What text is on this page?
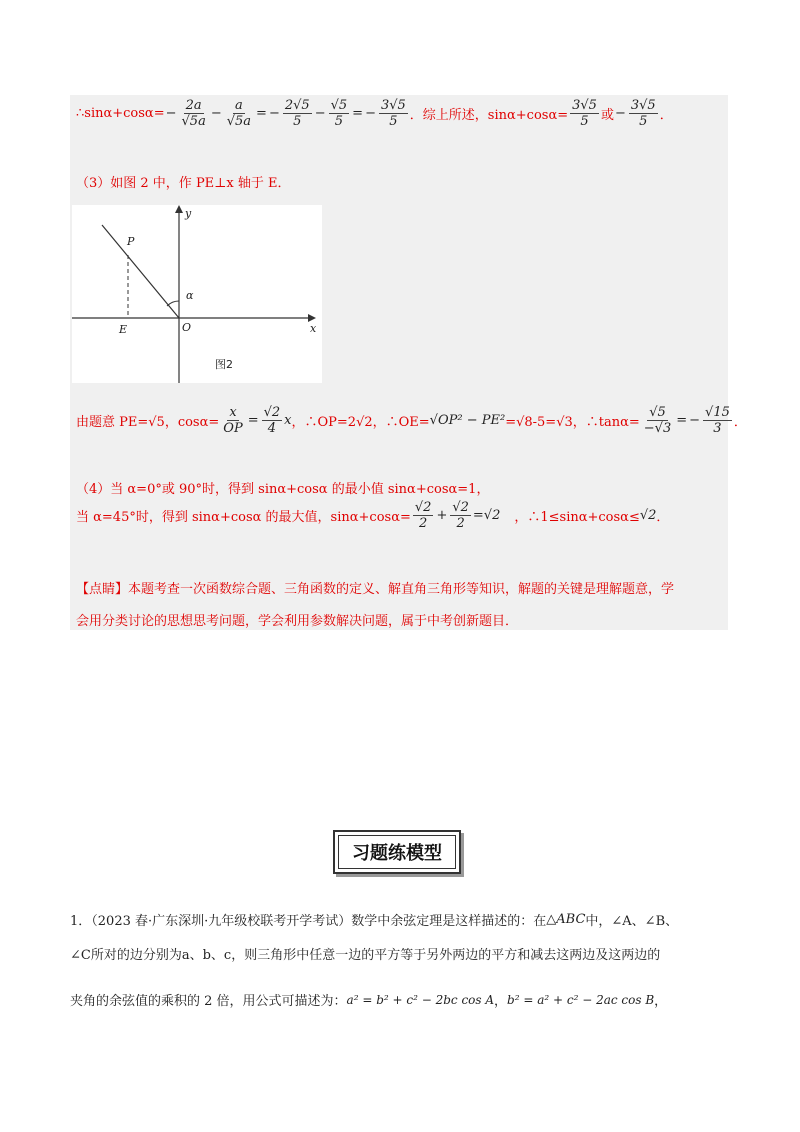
∴sinα+cosα= − $\frac{2a}{√5a} - \frac{a}{√5a}$ = − $\frac{2√5}{5} - \frac{√5}{5}$ = − $\frac{3√5}{5}$ ．综上所述，$\sin\alpha+\cos\alpha= \frac{3√5}{5}$ 或 − $\frac{3√5}{5}$ ．
（3）如图 2 中，作 PE⊥x 轴于 E．
P
y
x
O
E
α
图2
由题意 PE=√5，$\cos\alpha= \frac{x}{OP} = \frac{√2}{4}$ x ，∴OP=2√2，∴OE= √OP² − PE² =√8-5=√3，∴tanα= $\frac{√5}{-√3}$ = − $\frac{√15}{3}$ ．
（4）当 α=0°或 90°时，得到 sinα+cosα 的最小值 sinα+cosα=1，
当 α=45°时，得到 sinα+cosα 的最大值，$\sin\alpha+\cos\alpha= \frac{√2}{2} + \frac{√2}{2} =√2$ ，∴1≤sinα+cosα≤ √2 ．
【点睛】本题考查一次函数综合题、三角函数的定义、解直角三角形等知识，解题的关键是理解题意，学
会用分类讨论的思想思考问题，学会利用参数解决问题，属于中考创新题目．
习题练模型
1．（2023 春·广东深圳·九年级校联考开学考试）数学中余弦定理是这样描述的：在 △ABC 中，∠A、∠B、
∠C所对的边分别为a、b、c，则三角形中任意一边的平方等于另外两边的平方和减去这两边及这两边的
夹角的余弦值的乘积的 2 倍，用公式可描述为： a² = b² + c² − 2bc cos A ， b² = a² + c² − 2ac cos B ，
